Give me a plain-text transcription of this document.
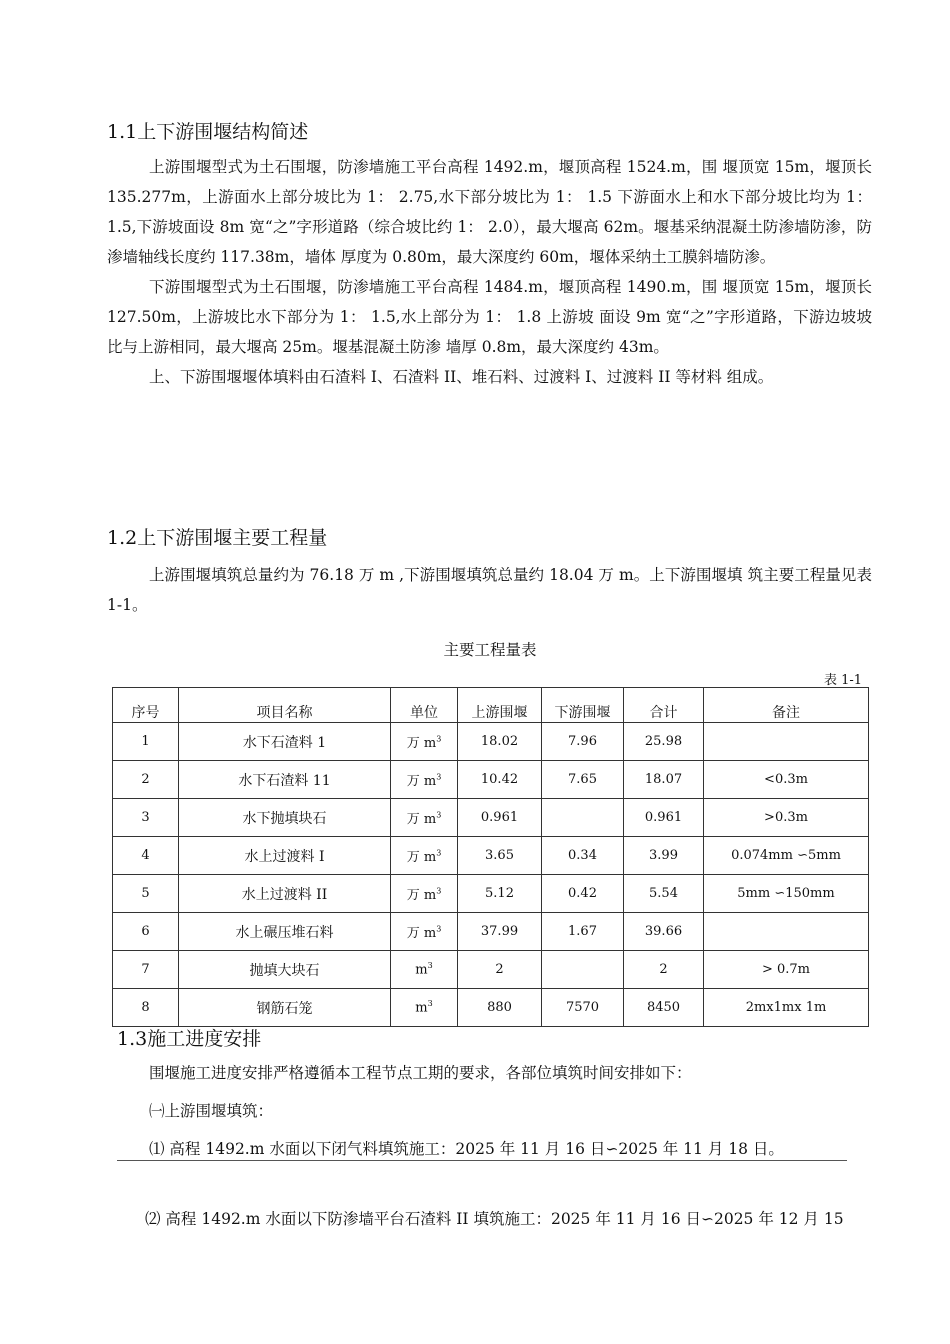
1.1上下游围堰结构简述

上游围堰型式为土石围堰，防渗墙施工平台高程 1492.m，堰顶高程 1524.m，围 堰顶宽 15m，堰顶长 135.277m，上游面水上部分坡比为 1： 2.75,水下部分坡比为 1： 1.5 下游面水上和水下部分坡比均为 1： 1.5,下游坡面设 8m 宽“之”字形道路（综合坡比约 1： 2.0），最大堰高 62m。堰基采纳混凝土防渗墙防渗，防渗墙轴线长度约 117.38m，墙体 厚度为 0.80m，最大深度约 60m，堰体采纳土工膜斜墙防渗。

下游围堰型式为土石围堰，防渗墙施工平台高程 1484.m，堰顶高程 1490.m，围 堰顶宽 15m，堰顶长 127.50m，上游坡比水下部分为 1： 1.5,水上部分为 1： 1.8 上游坡 面设 9m 宽“之”字形道路，下游边坡坡比与上游相同，最大堰高 25m。堰基混凝土防渗 墙厚 0.8m，最大深度约 43m。

上、下游围堰堰体填料由石渣料 I、石渣料 II、堆石料、过渡料 I、过渡料 II 等材料 组成。

1.2上下游围堰主要工程量

上游围堰填筑总量约为 76.18 万 m ,下游围堰填筑总量约 18.04 万 m。上下游围堰填 筑主要工程量见表 1-1。

主要工程量表
表 1-1
序号	项目名称	单位	上游围堰	下游围堰	合计	备注
1	水下石渣料 1	万 $m^3$	18.02	7.96	25.98	
2	水下石渣料 11	万 $m^3$	10.42	7.65	18.07	<0.3m
3	水下抛填块石	万 $m^3$	0.961		0.961	>0.3m
4	水上过渡料 I	万 $m^3$	3.65	0.34	3.99	0.074mm ∽5mm
5	水上过渡料 II	万 $m^3$	5.12	0.42	5.54	5mm ∽150mm
6	水上碾压堆石料	万 $m^3$	37.99	1.67	39.66	
7	抛填大块石	$m^3$	2		2	> 0.7m
8	钢筋石笼	$m^3$	880	7570	8450	2mx1mx 1m
1.3施工进度安排
围堰施工进度安排严格遵循本工程节点工期的要求，各部位填筑时间安排如下：
㈠上游围堰填筑：
⑴ 高程 1492.m 水面以下闭气料填筑施工：2025 年 11 月 16 日∽2025 年 11 月 18 日。
⑵ 高程 1492.m 水面以下防渗墙平台石渣料 II 填筑施工：2025 年 11 月 16 日∽2025 年 12 月 15
